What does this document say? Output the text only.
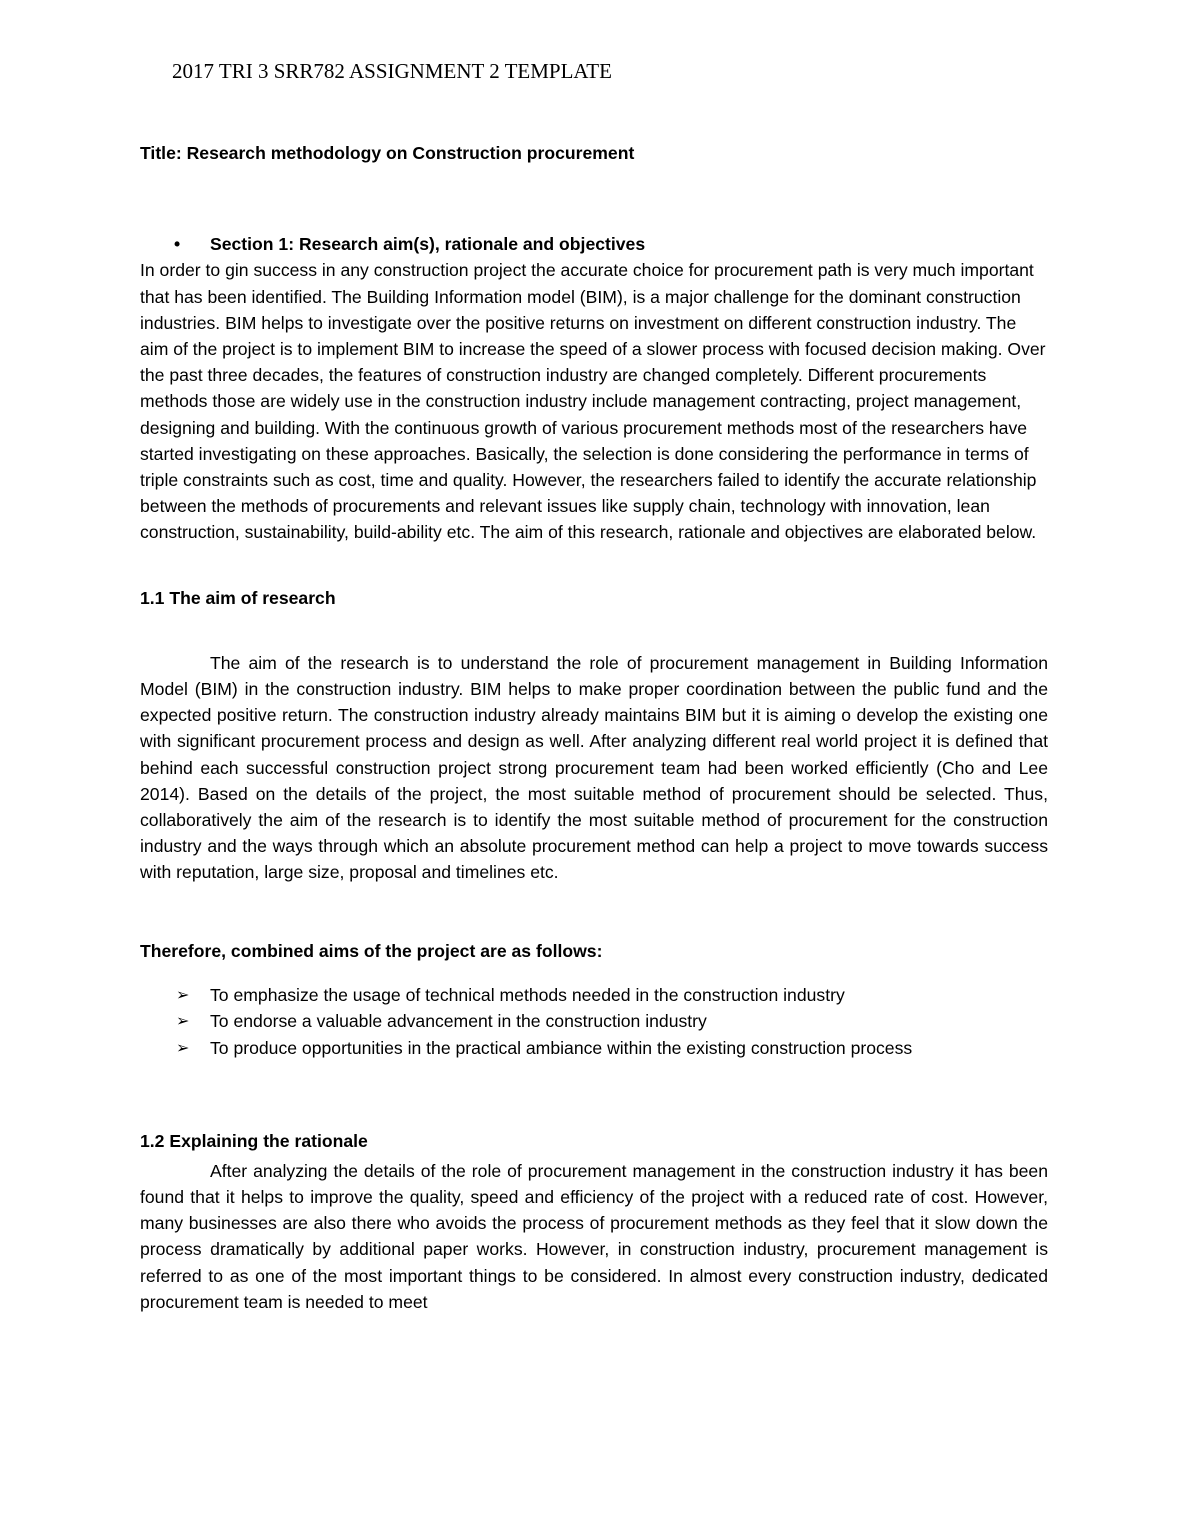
2017 TRI 3 SRR782 ASSIGNMENT 2 TEMPLATE

Title: Research methodology on Construction procurement

• Section 1: Research aim(s), rationale and objectives

In order to gin success in any construction project the accurate choice for procurement path is very much important that has been identified. The Building Information model (BIM), is a major challenge for the dominant construction industries. BIM helps to investigate over the positive returns on investment on different construction industry. The aim of the project is to implement BIM to increase the speed of a slower process with focused decision making. Over the past three decades, the features of construction industry are changed completely. Different procurements methods those are widely use in the construction industry include management contracting, project management, designing and building. With the continuous growth of various procurement methods most of the researchers have started investigating on these approaches. Basically, the selection is done considering the performance in terms of triple constraints such as cost, time and quality. However, the researchers failed to identify the accurate relationship between the methods of procurements and relevant issues like supply chain, technology with innovation, lean construction, sustainability, build-ability etc. The aim of this research, rationale and objectives are elaborated below.

1.1 The aim of research

The aim of the research is to understand the role of procurement management in Building Information Model (BIM) in the construction industry. BIM helps to make proper coordination between the public fund and the expected positive return. The construction industry already maintains BIM but it is aiming o develop the existing one with significant procurement process and design as well. After analyzing different real world project it is defined that behind each successful construction project strong procurement team had been worked efficiently (Cho and Lee 2014). Based on the details of the project, the most suitable method of procurement should be selected. Thus, collaboratively the aim of the research is to identify the most suitable method of procurement for the construction industry and the ways through which an absolute procurement method can help a project to move towards success with reputation, large size, proposal and timelines etc.

Therefore, combined aims of the project are as follows:

➢ To emphasize the usage of technical methods needed in the construction industry
➢ To endorse a valuable advancement in the construction industry
➢ To produce opportunities in the practical ambiance within the existing construction process

1.2 Explaining the rationale

After analyzing the details of the role of procurement management in the construction industry it has been found that it helps to improve the quality, speed and efficiency of the project with a reduced rate of cost. However, many businesses are also there who avoids the process of procurement methods as they feel that it slow down the process dramatically by additional paper works. However, in construction industry, procurement management is referred to as one of the most important things to be considered. In almost every construction industry, dedicated procurement team is needed to meet
